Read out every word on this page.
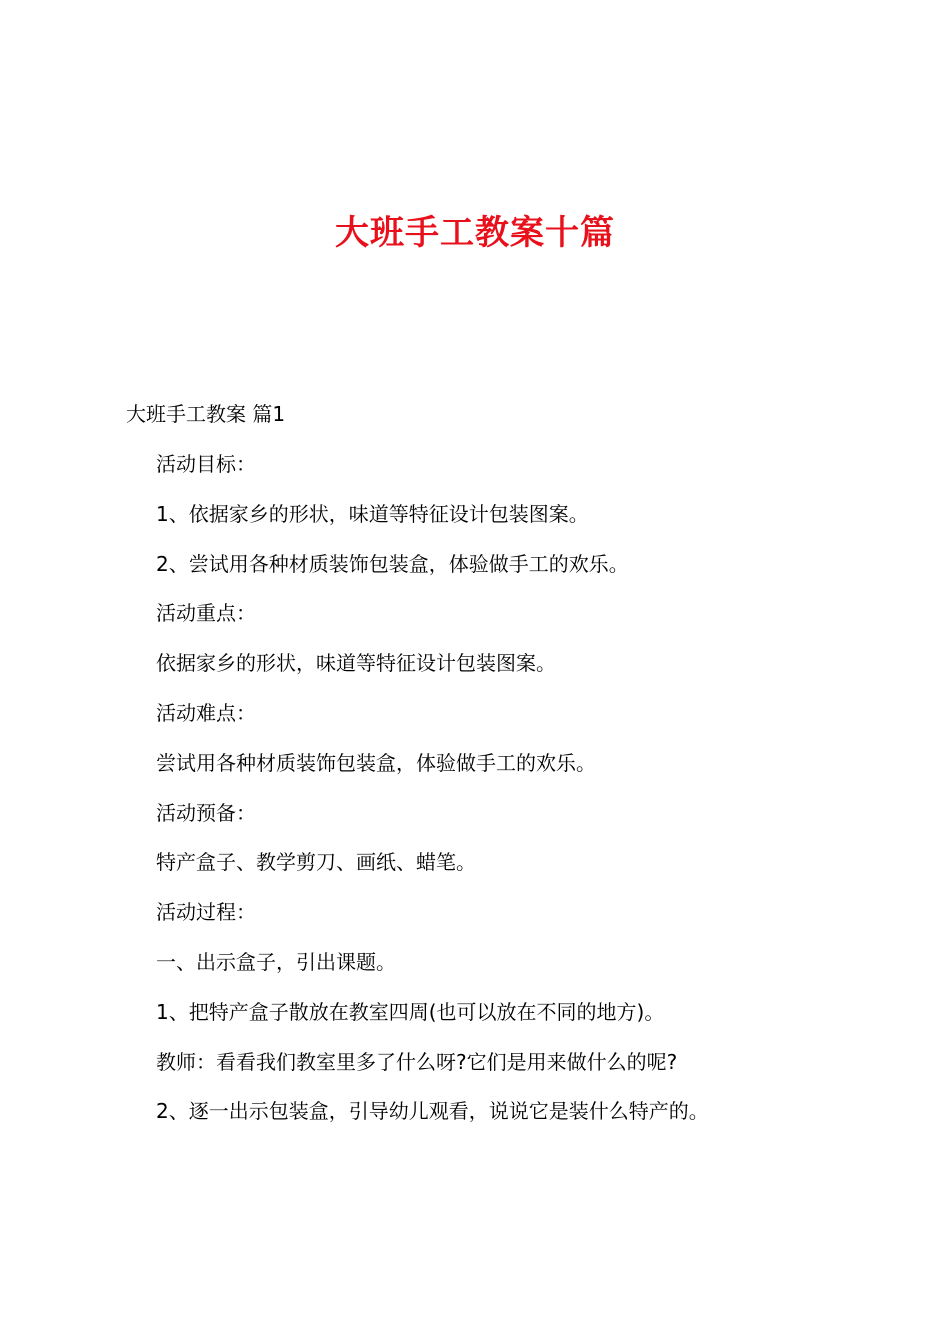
大班手工教案十篇
大班手工教案 篇1
活动目标：
1、依据家乡的形状，味道等特征设计包装图案。
2、尝试用各种材质装饰包装盒，体验做手工的欢乐。
活动重点：
依据家乡的形状，味道等特征设计包装图案。
活动难点：
尝试用各种材质装饰包装盒，体验做手工的欢乐。
活动预备：
特产盒子、教学剪刀、画纸、蜡笔。
活动过程：
一、出示盒子，引出课题。
1、把特产盒子散放在教室四周(也可以放在不同的地方)。
教师：看看我们教室里多了什么呀?它们是用来做什么的呢?
2、逐一出示包装盒，引导幼儿观看，说说它是装什么特产的。
